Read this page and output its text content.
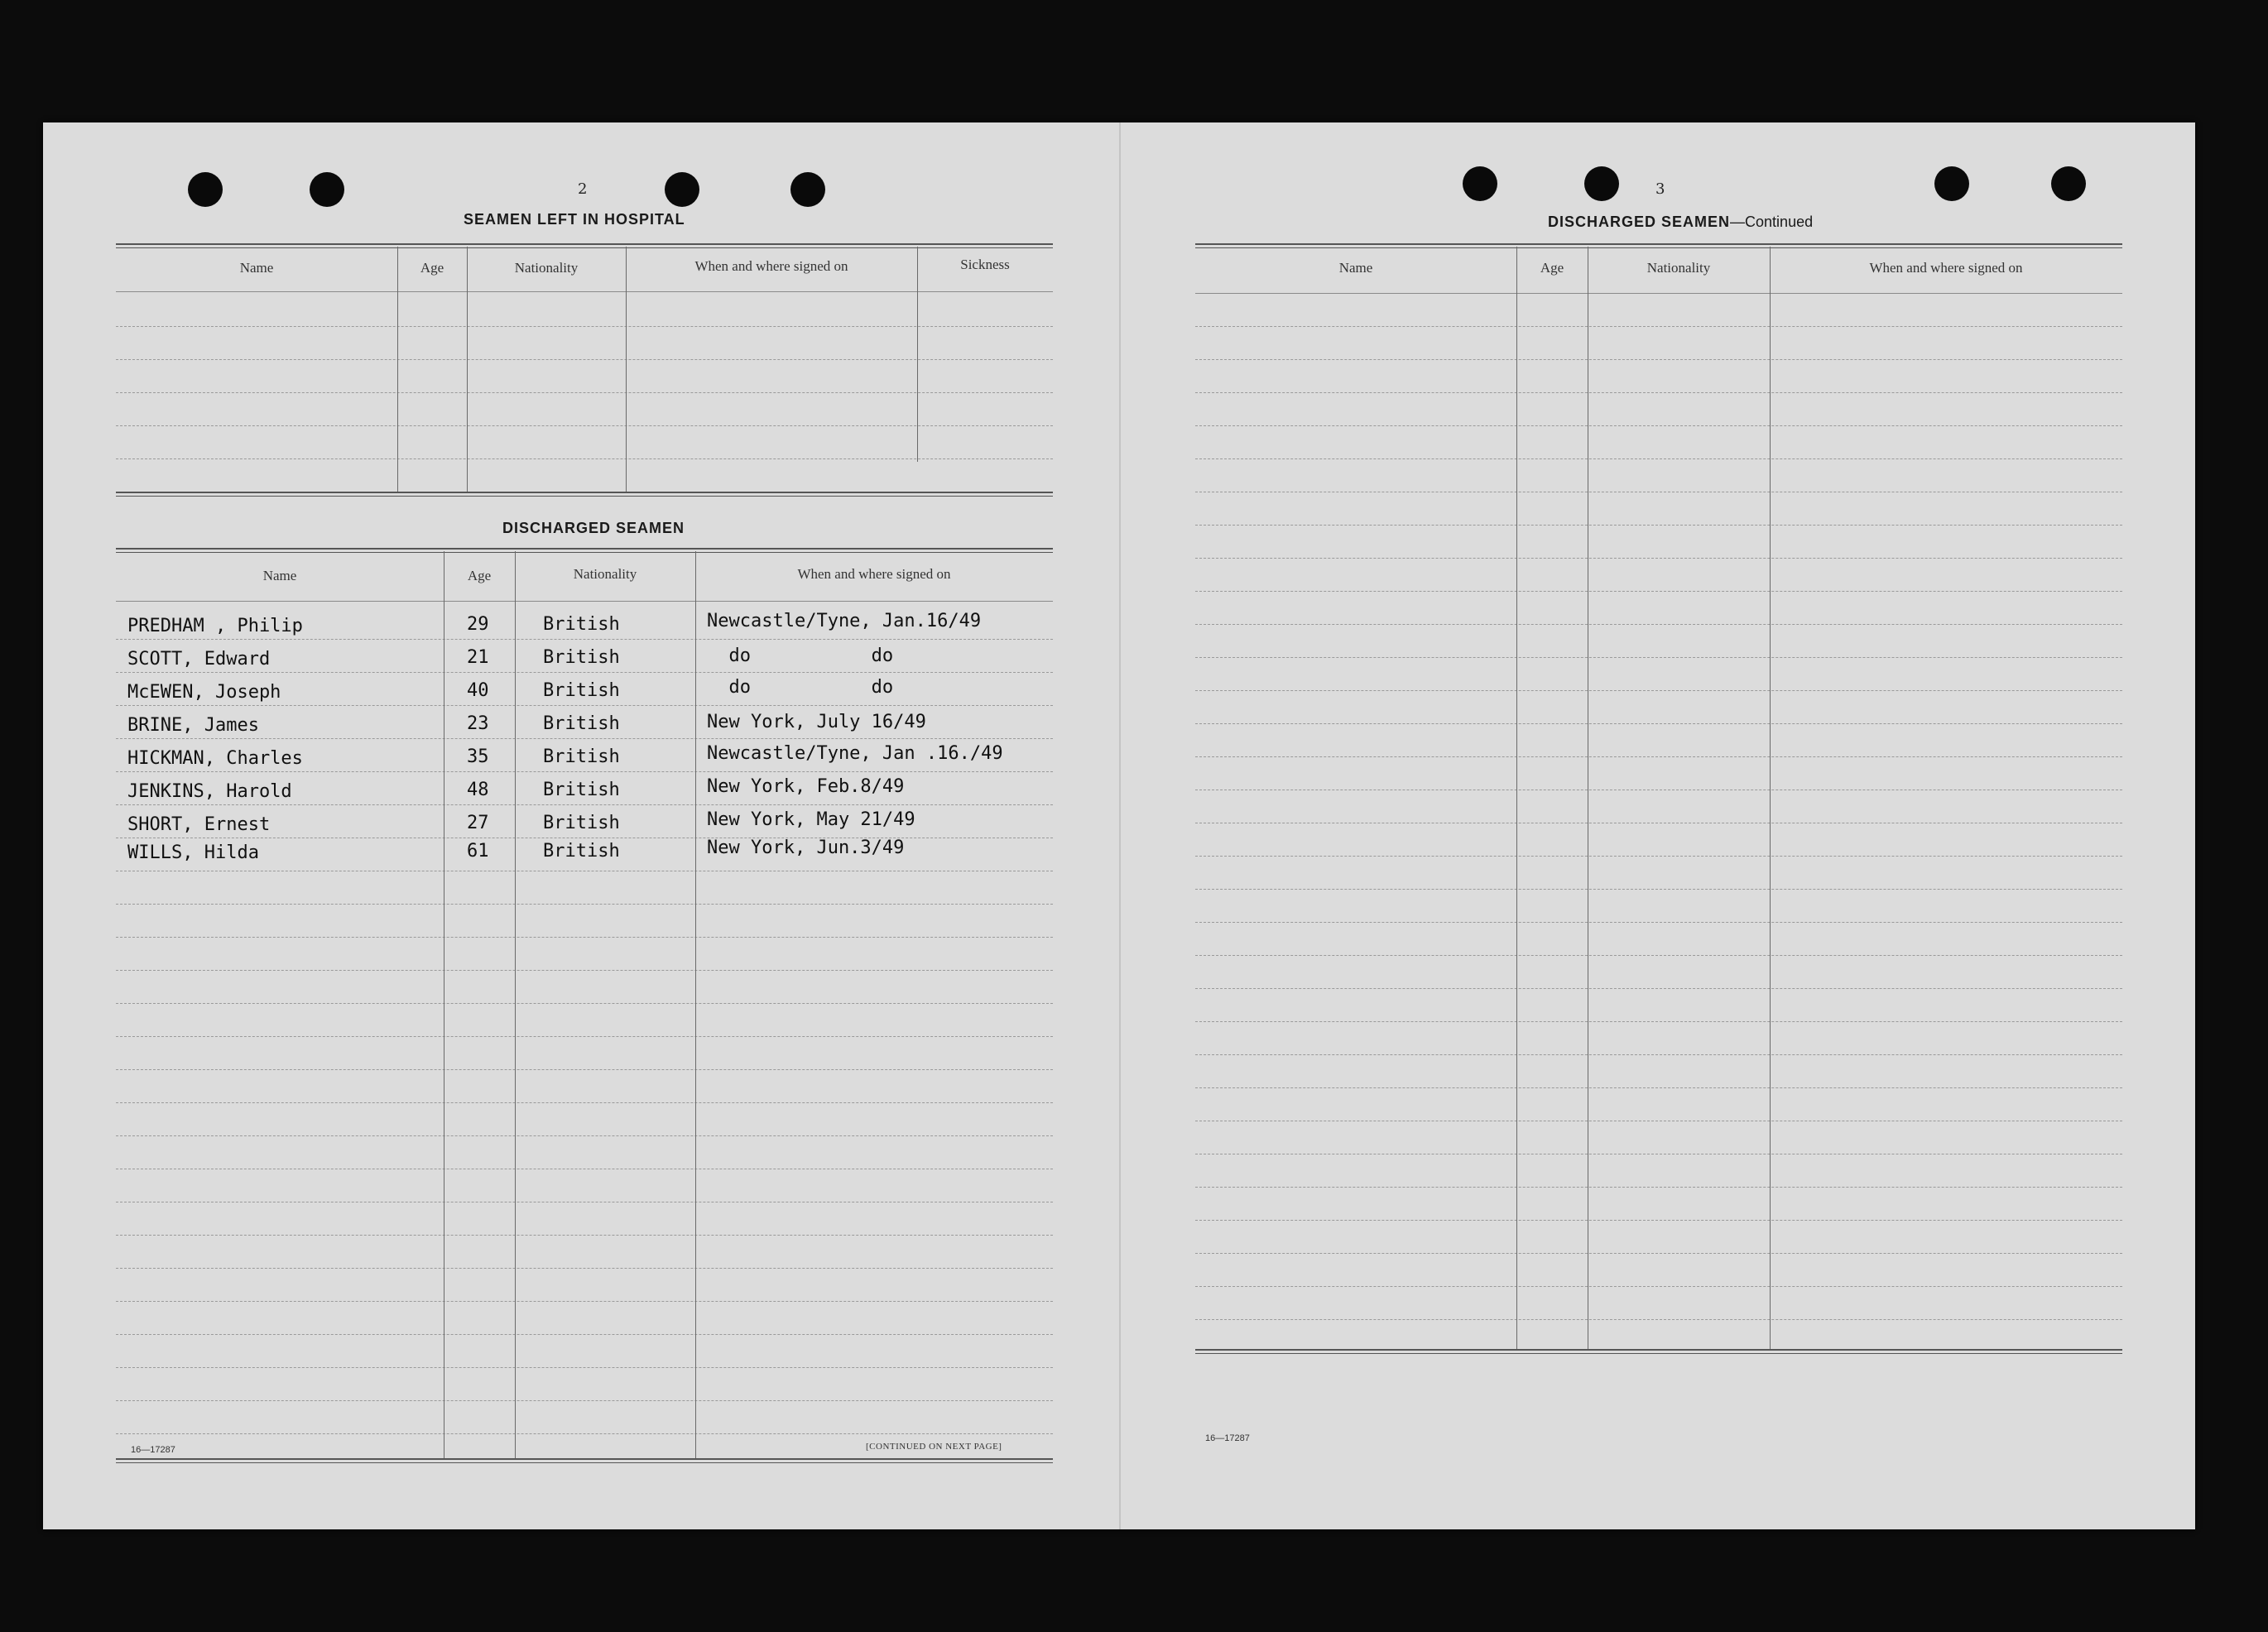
2
SEAMEN LEFT IN HOSPITAL
Name	Age	Nationality	When and where signed on	Sickness
DISCHARGED SEAMEN
Name	Age	Nationality	When and where signed on
PREDHAM , Philip	29	British	Newcastle/Tyne, Jan.16/49
SCOTT, Edward	21	British	do           do
McEWEN, Joseph	40	British	do           do
BRINE, James	23	British	New York, July 16/49
HICKMAN, Charles	35	British	Newcastle/Tyne, Jan .16./49
JENKINS, Harold	48	British	New York, Feb.8/49
SHORT, Ernest	27	British	New York, May 21/49
WILLS, Hilda	61	British	New York, Jun.3/49
16—17287	[CONTINUED ON NEXT PAGE]
3
DISCHARGED SEAMEN—Continued
Name	Age	Nationality	When and where signed on
16—17287
